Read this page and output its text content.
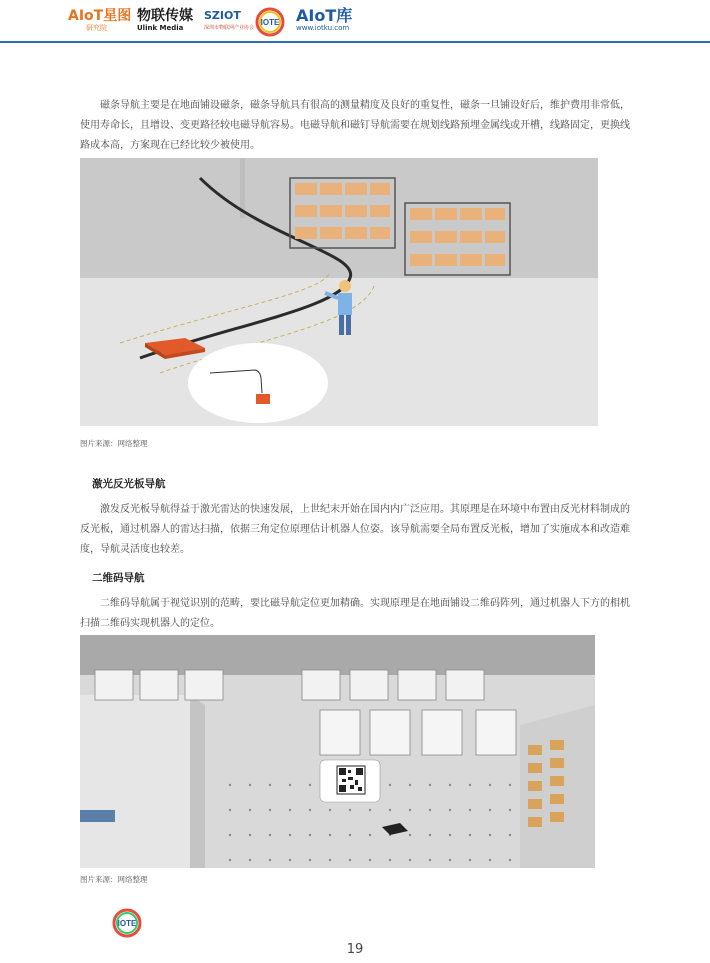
AIoT星图
研究院
物联传媒
Ulink Media
SZIOT
深圳市物联网产业协会
IOTE AIoT库
www.iotku.com

磁条导航主要是在地面铺设磁条，磁条导航具有很高的测量精度及良好的重复性，磁条一旦铺设好后，维护费用非常低，使用寿命长，且增设、变更路径较电磁导航容易。电磁导航和磁钉导航需要在规划线路预埋金属线或开槽，线路固定，更换线路成本高，方案现在已经比较少被使用。

图片来源：网络整理

激光反光板导航

激发反光板导航得益于激光雷达的快速发展，上世纪末开始在国内内广泛应用。其原理是在环境中布置由反光材料制成的反光板，通过机器人的雷达扫描，依据三角定位原理估计机器人位姿。该导航需要全局布置反光板，增加了实施成本和改造难度，导航灵活度也较差。

二维码导航

二维码导航属于视觉识别的范畴，要比磁导航定位更加精确。实现原理是在地面铺设二维码阵列，通过机器人下方的相机扫描二维码实现机器人的定位。

图片来源：网络整理
IOTE
19
